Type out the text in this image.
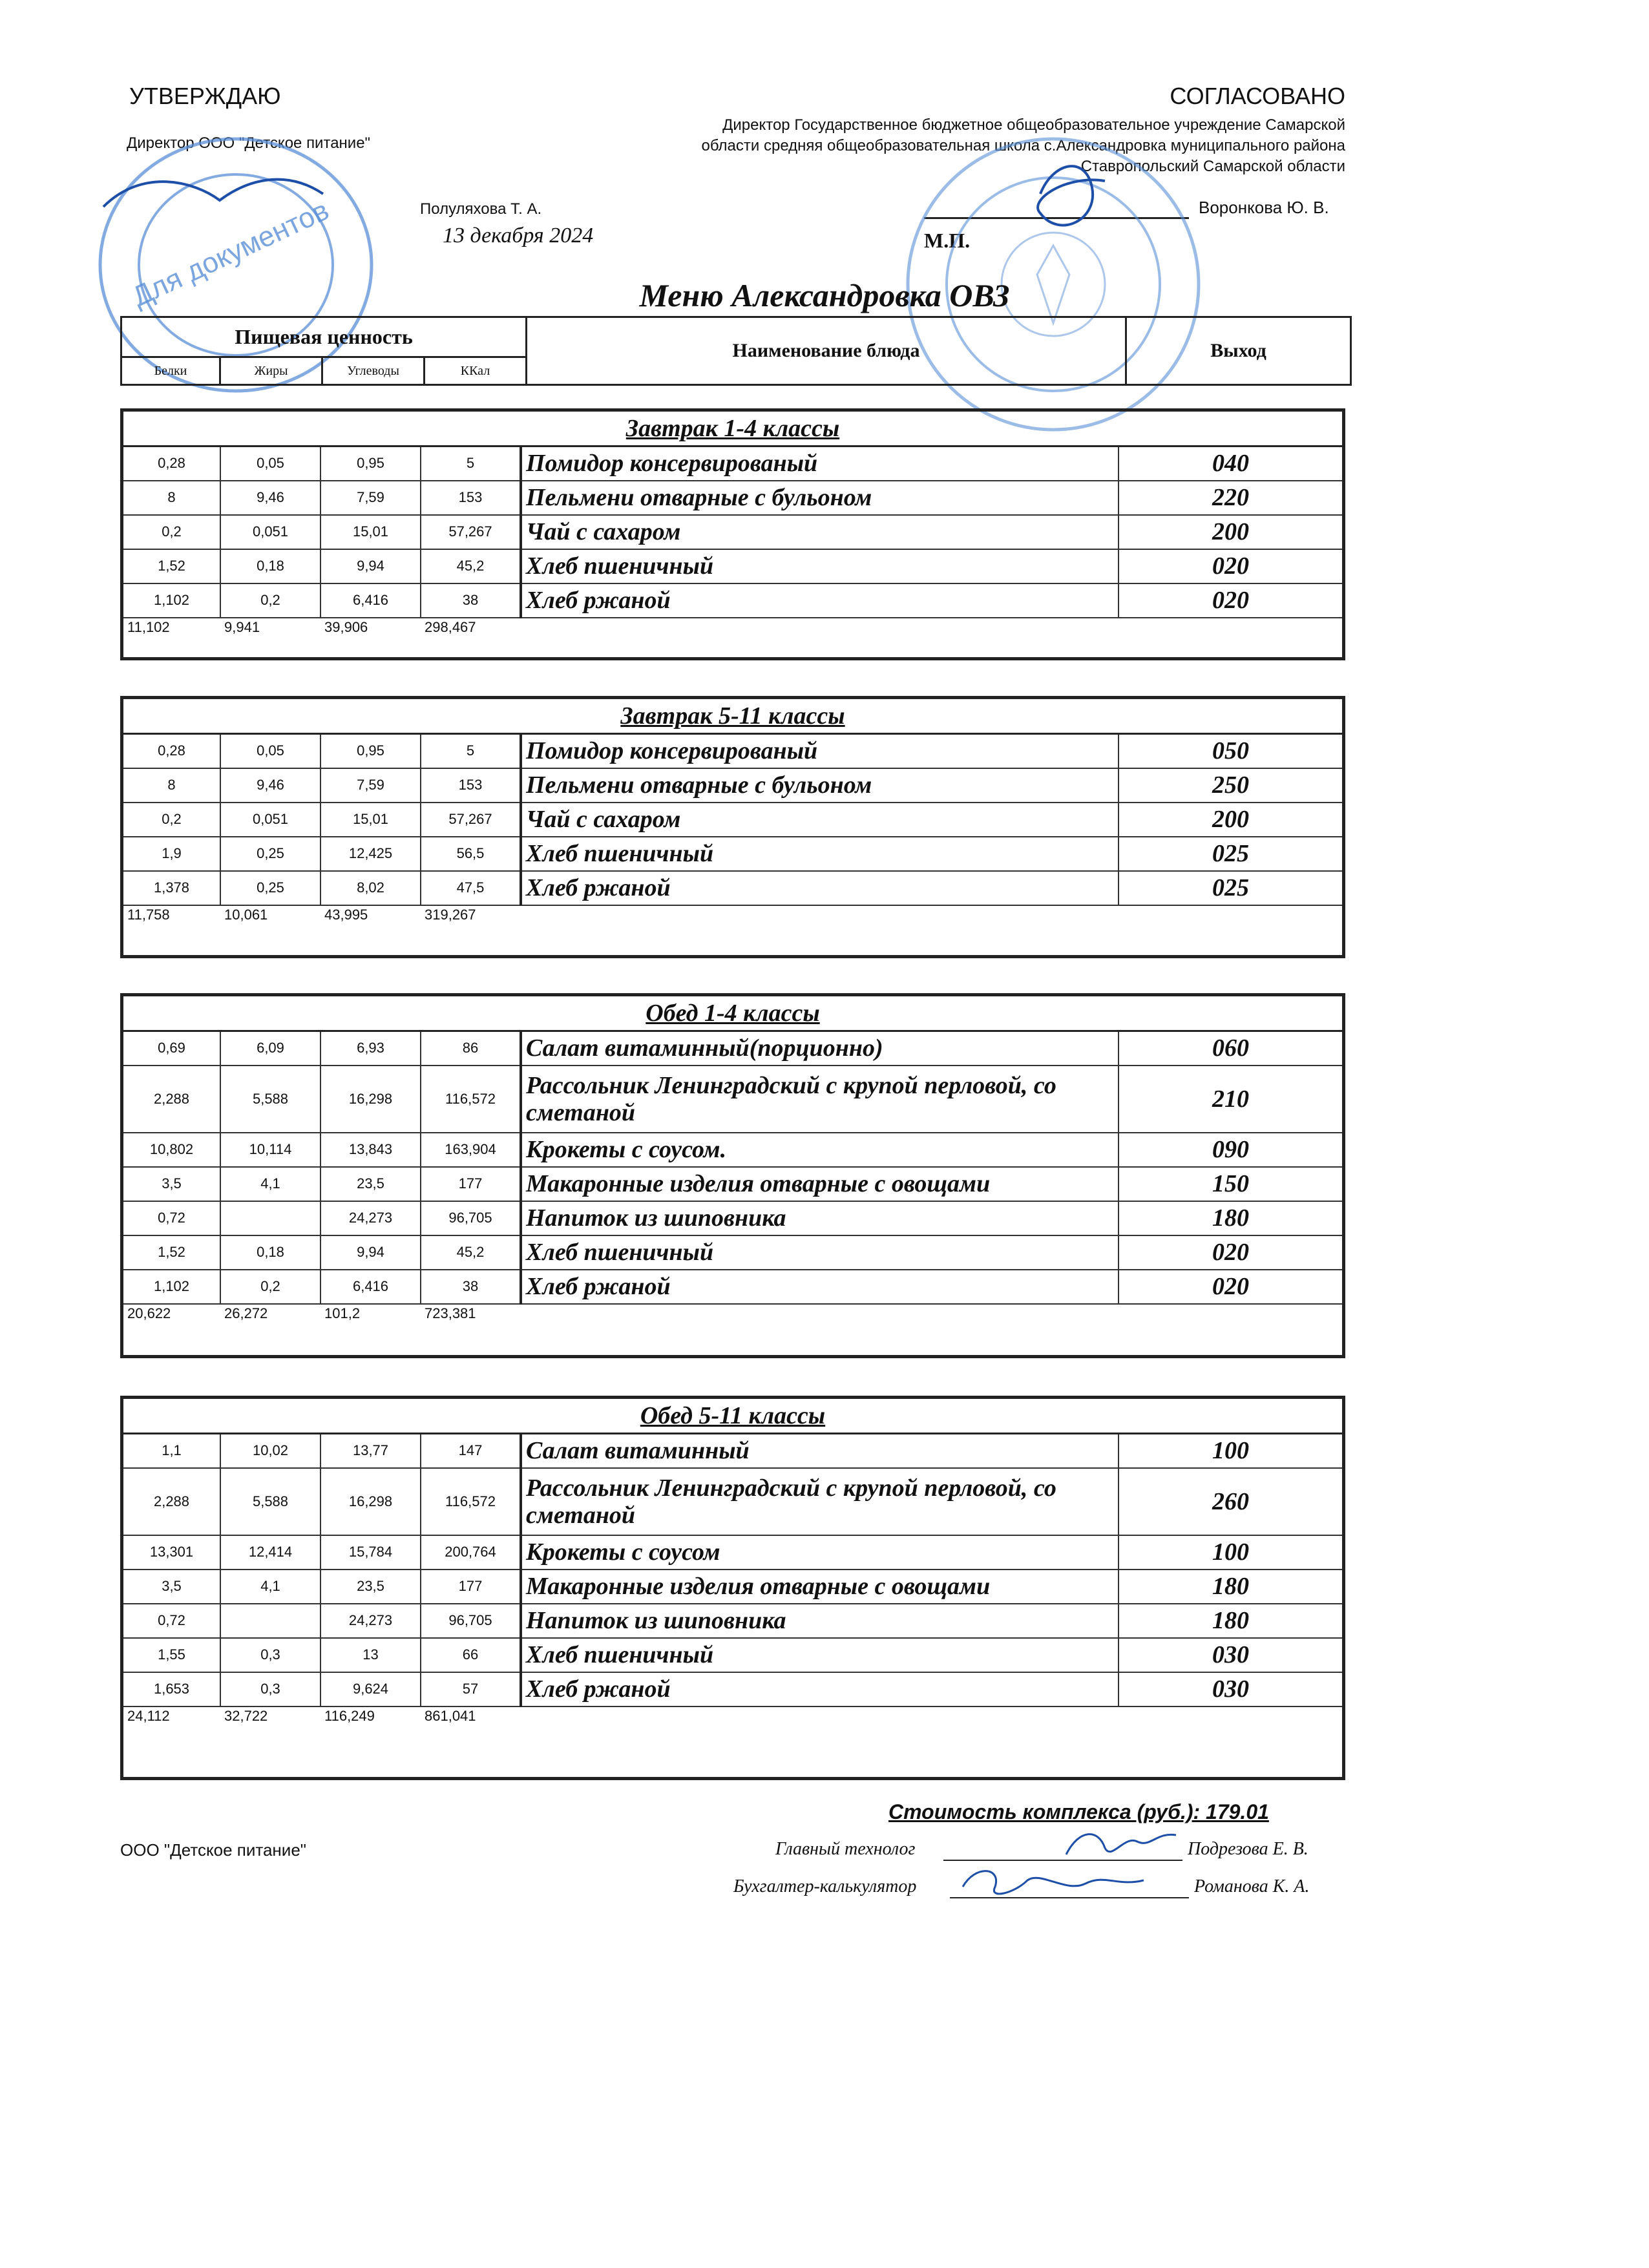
УТВЕРЖДАЮ
Директор ООО "Детское питание"
Полуляхова Т. А.
13 декабря 2024
Для документов
СОГЛАСОВАНО
Директор Государственное бюджетное общеобразовательное учреждение Самарской
области средняя общеобразовательная школа с.Александровка муниципального района
Ставропольский Самарской области
Воронкова Ю. В.
М.П.
Меню Александровка ОВЗ
Пищевая ценность				Наименование блюда	Выход
Белки	Жиры	Углеводы	ККал		
Завтрак 1-4 классы					
0,28	0,05	0,95	5	Помидор консервированый	040
8	9,46	7,59	153	Пельмени отварные с бульоном	220
0,2	0,051	15,01	57,267	Чай с сахаром	200
1,52	0,18	9,94	45,2	Хлеб пшеничный	020
1,102	0,2	6,416	38	Хлеб ржаной	020
11,102	9,941	39,906	298,467		
Завтрак 5-11 классы					
0,28	0,05	0,95	5	Помидор консервированый	050
8	9,46	7,59	153	Пельмени отварные с бульоном	250
0,2	0,051	15,01	57,267	Чай с сахаром	200
1,9	0,25	12,425	56,5	Хлеб пшеничный	025
1,378	0,25	8,02	47,5	Хлеб ржаной	025
11,758	10,061	43,995	319,267		
Обед 1-4 классы					
0,69	6,09	6,93	86	Салат витаминный(порционно)	060
2,288	5,588	16,298	116,572	Рассольник Ленинградский с крупой перловой, со сметаной	210
10,802	10,114	13,843	163,904	Крокеты с соусом.	090
3,5	4,1	23,5	177	Макаронные изделия отварные с овощами	150
0,72		24,273	96,705	Напиток из шиповника	180
1,52	0,18	9,94	45,2	Хлеб пшеничный	020
1,102	0,2	6,416	38	Хлеб ржаной	020
20,622	26,272	101,2	723,381		
Обед 5-11 классы					
1,1	10,02	13,77	147	Салат витаминный	100
2,288	5,588	16,298	116,572	Рассольник Ленинградский с крупой перловой, со сметаной	260
13,301	12,414	15,784	200,764	Крокеты с соусом	100
3,5	4,1	23,5	177	Макаронные изделия отварные с овощами	180
0,72		24,273	96,705	Напиток из шиповника	180
1,55	0,3	13	66	Хлеб пшеничный	030
1,653	0,3	9,624	57	Хлеб ржаной	030
24,112	32,722	116,249	861,041		
Стоимость комплекса (руб.): 179.01
ООО "Детское питание"	Главный технолог	Подрезова Е. В.
Бухгалтер-калькулятор	Романова К. А.
